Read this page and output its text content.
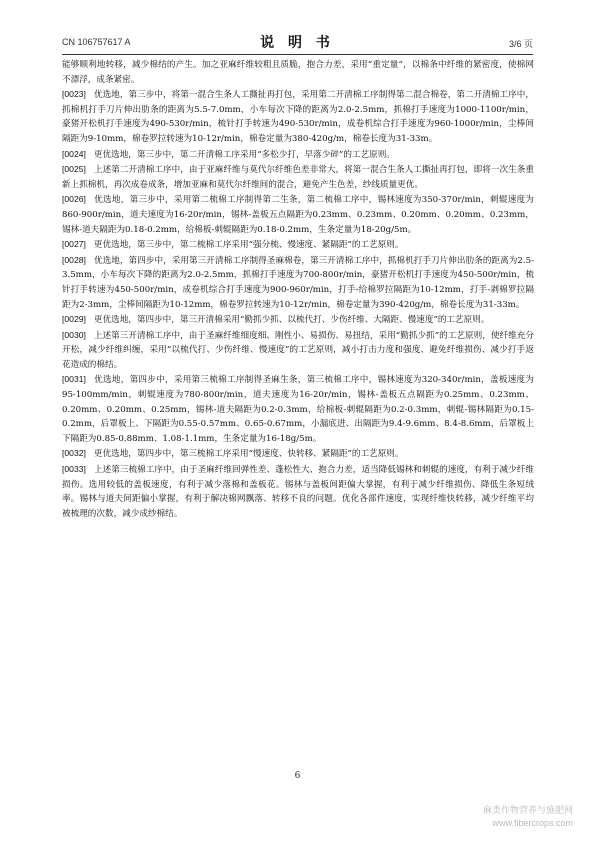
CN 106757617 A	说 明 书	3/6 页

能够顺利地转移，减少棉结的产生。加之亚麻纤维较粗且质脆，抱合力差，采用“重定量”，以棉条中纤维的紧密度，使棉网不漂浮，成条紧密。

[0023] 优选地，第三步中，将第一混合生条人工撕扯再打包，采用第二开清棉工序制得第二混合棉卷，第二开清棉工序中，抓棉机打手刀片伸出肋条的距离为5.5-7.0mm，小车每次下降的距离为2.0-2.5mm，抓棉打手速度为1000-1100r/min，豪猪开松机打手速度为490-530r/min，梳针打手转速为490-530r/min，成卷机综合打手速度为960-1000r/min，尘棒间隔距为9-10mm，棉卷罗拉转速为10-12r/min，棉卷定量为380-420g/m，棉卷长度为31-33m。

[0024] 更优选地，第三步中，第二开清棉工序采用“多松少打，早落少碎”的工艺原则。

[0025] 上述第二开清棉工序中，由于亚麻纤维与莫代尔纤维色差非常大，将第一混合生条人工撕扯再打包，即将一次生条重新上抓棉机，再次成卷成条，增加亚麻和莫代尔纤维间的混合，避免产生色差，纱线质量更优。

[0026] 优选地，第三步中，采用第二梳棉工序制得第二生条，第二梳棉工序中，锡林速度为350-370r/min，刺辊速度为860-900r/min，道夫速度为16-20r/min，锡林-盖板五点隔距为0.23mm、0.23mm、0.20mm、0.20mm、0.23mm，锡林-道夫隔距为0.18-0.2mm，给棉板-刺辊隔距为0.18-0.2mm，生条定量为18-20g/5m。

[0027] 更优选地，第三步中，第二梳棉工序采用“强分梳、慢速度、紧隔距”的工艺原则。

[0028] 优选地，第四步中，采用第三开清棉工序制得圣麻棉卷，第三开清棉工序中，抓棉机打手刀片伸出肋条的距离为2.5-3.5mm，小车每次下降的距离为2.0-2.5mm，抓棉打手速度为700-800r/min，豪猪开松机打手速度为450-500r/min，梳针打手转速为450-500r/min，成卷机综合打手速度为900-960r/min，打手-给棉罗拉隔距为10-12mm，打手-剥棉罗拉隔距为2-3mm，尘棒间隔距为10-12mm，棉卷罗拉转速为10-12r/min，棉卷定量为390-420g/m，棉卷长度为31-33m。

[0029] 更优选地，第四步中，第三开清棉采用“勤抓少抓、以梳代打、少伤纤维、大隔距、慢速度”的工艺原则。

[0030] 上述第三开清棉工序中，由于圣麻纤维细度细、刚性小、易损伤、易扭结，采用“勤抓少抓”的工艺原则，使纤维充分开松，减少纤维纠缠，采用“以梳代打、少伤纤维、慢速度”的工艺原则，减小打击力度和强度、避免纤维损伤、减少打手返花造成的棉结。

[0031] 优选地，第四步中，采用第三梳棉工序制得圣麻生条，第三梳棉工序中，锡林速度为320-340r/min，盖板速度为95-100mm/min，刺辊速度为780-800r/min，道夫速度为16-20r/min，锡林-盖板五点隔距为0.25mm、0.23mm、0.20mm、0.20mm、0.25mm，锡林-道夫隔距为0.2-0.3mm，给棉板-刺辊隔距为0.2-0.3mm，刺辊-锡林隔距为0.15-0.2mm，后罩板上、下隔距为0.55-0.57mm、0.65-0.67mm，小漏底进、出隔距为9.4-9.6mm、8.4-8.6mm，后罩板上下隔距为0.85-0.88mm、1.08-1.1mm，生条定量为16-18g/5m。

[0032] 更优选地，第四步中，第三梳棉工序采用“慢速度、快转移、紧隔距”的工艺原则。

[0033] 上述第三梳棉工序中，由于圣麻纤维回弹性差、蓬松性大、抱合力差，适当降低锡林和刺辊的速度，有利于减少纤维损伤。选用较低的盖板速度，有利于减少落棉和盖板花。锡林与盖板间距偏大掌握，有利于减少纤维损伤、降低生条短绒率。锡林与道夫间距偏小掌握，有利于解决棉网飘落、转移不良的问题。优化各部件速度，实现纤维快转移，减少纤维平均被梳理的次数，减少成纱棉结。

6
麻类作物营养与施肥网
www.fibercrops.com
